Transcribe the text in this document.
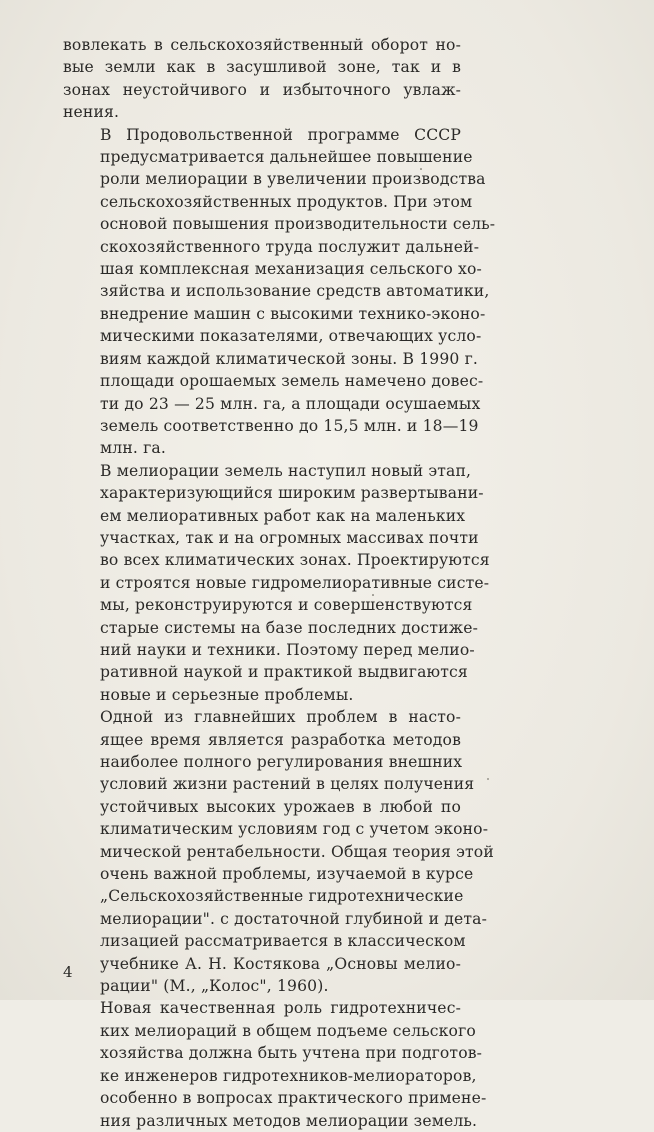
вовлекать в сельскохозяйственный оборот но-
вые земли как в засушливой зоне, так и в
зонах неустойчивого и избыточного увлаж-
нения.

В Продовольственной программе СССР
предусматривается дальнейшее повышение
роли мелиорации в увеличении производства
сельскохозяйственных продуктов. При этом
основой повышения производительности сель-
скохозяйственного труда послужит дальней-
шая комплексная механизация сельского хо-
зяйства и использование средств автоматики,
внедрение машин с высокими технико-эконо-
мическими показателями, отвечающих усло-
виям каждой климатической зоны. В 1990 г.
площади орошаемых земель намечено довес-
ти до 23 — 25 млн. га, а площади осушаемых
земель соответственно до 15,5 млн. и 18—19
млн. га.

В мелиорации земель наступил новый этап,
характеризующийся широким развертывани-
ем мелиоративных работ как на маленьких
участках, так и на огромных массивах почти
во всех климатических зонах. Проектируются
и строятся новые гидромелиоративные систе-
мы, реконструируются и совершенствуются
старые системы на базе последних достиже-
ний науки и техники. Поэтому перед мелио-
ративной наукой и практикой выдвигаются
новые и серьезные проблемы.

Одной из главнейших проблем в насто-
ящее время является разработка методов
наиболее полного регулирования внешних
условий жизни растений в целях получения
устойчивых высоких урожаев в любой по
климатическим условиям год с учетом эконо-
мической рентабельности. Общая теория этой
очень важной проблемы, изучаемой в курсе
„Сельскохозяйственные гидротехнические
мелиорации". с достаточной глубиной и дета-
лизацией рассматривается в классическом
учебнике А. Н. Костякова „Основы мелио-
рации" (М., „Колос", 1960).

Новая качественная роль гидротехничес-
ких мелиораций в общем подъеме сельского
хозяйства должна быть учтена при подготов-
ке инженеров гидротехников-мелиораторов,
особенно в вопросах практического примене-
ния различных методов мелиорации земель.

4
